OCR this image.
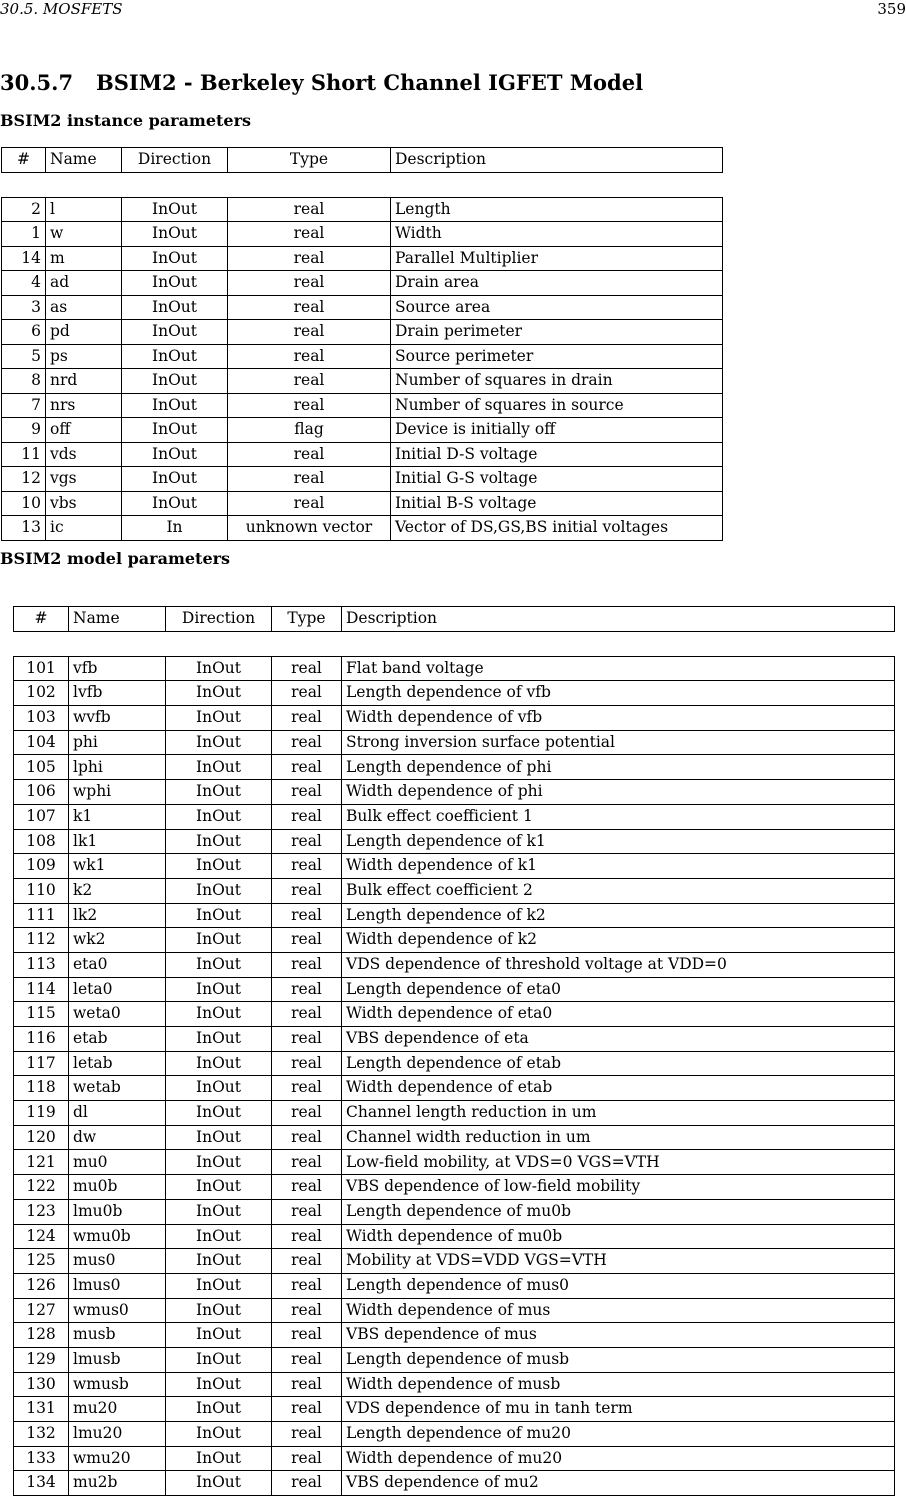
30.5. MOSFETS	359
30.5.7 BSIM2 - Berkeley Short Channel IGFET Model
BSIM2 instance parameters
#	Name	Direction	Type	Description

2	l	InOut	real	Length
1	w	InOut	real	Width
14	m	InOut	real	Parallel Multiplier
4	ad	InOut	real	Drain area
3	as	InOut	real	Source area
6	pd	InOut	real	Drain perimeter
5	ps	InOut	real	Source perimeter
8	nrd	InOut	real	Number of squares in drain
7	nrs	InOut	real	Number of squares in source
9	off	InOut	flag	Device is initially off
11	vds	InOut	real	Initial D-S voltage
12	vgs	InOut	real	Initial G-S voltage
10	vbs	InOut	real	Initial B-S voltage
13	ic	In	unknown vector	Vector of DS,GS,BS initial voltages
BSIM2 model parameters
#	Name	Direction	Type	Description

101	vfb	InOut	real	Flat band voltage
102	lvfb	InOut	real	Length dependence of vfb
103	wvfb	InOut	real	Width dependence of vfb
104	phi	InOut	real	Strong inversion surface potential
105	lphi	InOut	real	Length dependence of phi
106	wphi	InOut	real	Width dependence of phi
107	k1	InOut	real	Bulk effect coefficient 1
108	lk1	InOut	real	Length dependence of k1
109	wk1	InOut	real	Width dependence of k1
110	k2	InOut	real	Bulk effect coefficient 2
111	lk2	InOut	real	Length dependence of k2
112	wk2	InOut	real	Width dependence of k2
113	eta0	InOut	real	VDS dependence of threshold voltage at VDD=0
114	leta0	InOut	real	Length dependence of eta0
115	weta0	InOut	real	Width dependence of eta0
116	etab	InOut	real	VBS dependence of eta
117	letab	InOut	real	Length dependence of etab
118	wetab	InOut	real	Width dependence of etab
119	dl	InOut	real	Channel length reduction in um
120	dw	InOut	real	Channel width reduction in um
121	mu0	InOut	real	Low-field mobility, at VDS=0 VGS=VTH
122	mu0b	InOut	real	VBS dependence of low-field mobility
123	lmu0b	InOut	real	Length dependence of mu0b
124	wmu0b	InOut	real	Width dependence of mu0b
125	mus0	InOut	real	Mobility at VDS=VDD VGS=VTH
126	lmus0	InOut	real	Length dependence of mus0
127	wmus0	InOut	real	Width dependence of mus
128	musb	InOut	real	VBS dependence of mus
129	lmusb	InOut	real	Length dependence of musb
130	wmusb	InOut	real	Width dependence of musb
131	mu20	InOut	real	VDS dependence of mu in tanh term
132	lmu20	InOut	real	Length dependence of mu20
133	wmu20	InOut	real	Width dependence of mu20
134	mu2b	InOut	real	VBS dependence of mu2
